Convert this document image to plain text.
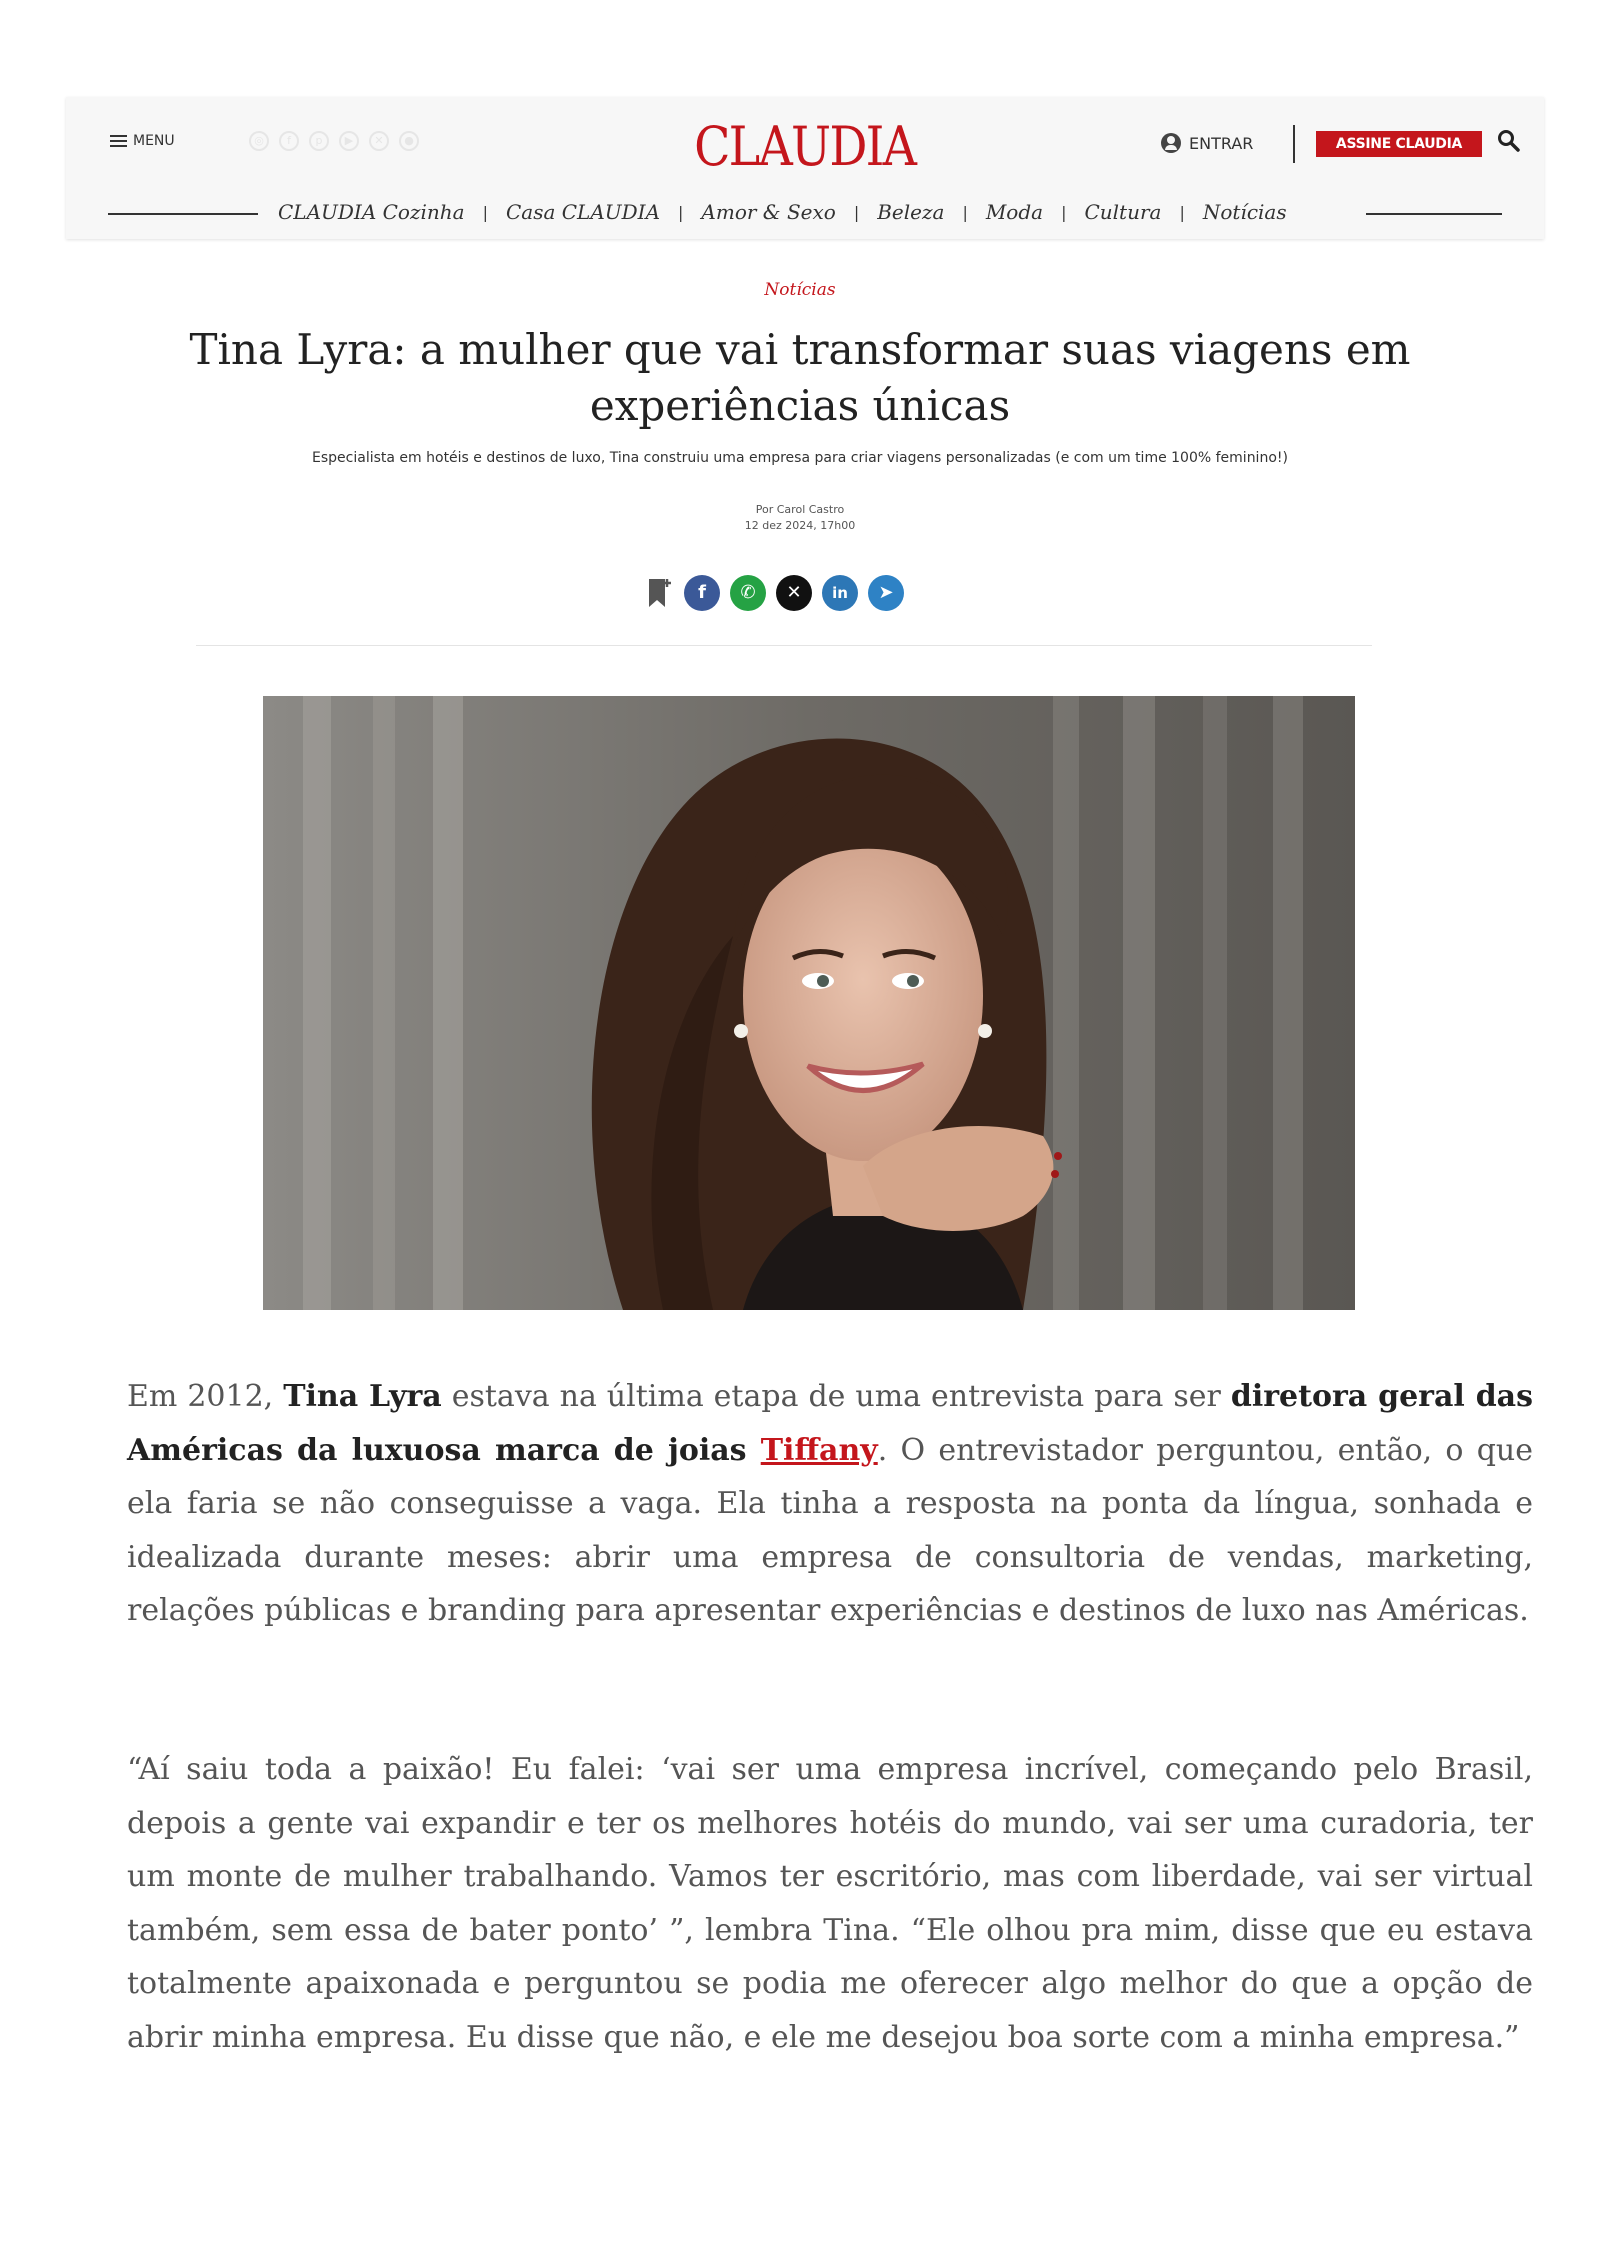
MENU	◎	f	p	▶	✕	●	CLAUDIA	ENTRAR	ASSINE CLAUDIA
CLAUDIA Cozinha | Casa CLAUDIA | Amor & Sexo | Beleza | Moda | Cultura | Notícias
Notícias
Tina Lyra: a mulher que vai transformar suas viagens em experiências únicas
Especialista em hotéis e destinos de luxo, Tina construiu uma empresa para criar viagens personalizadas (e com um time 100% feminino!)
Por Carol Castro
12 dez 2024, 17h00
f	✆	✕	in	➤

Em 2012, Tina Lyra estava na última etapa de uma entrevista para ser diretora geral das Américas da luxuosa marca de joias Tiffany. O entrevistador perguntou, então, o que ela faria se não conseguisse a vaga. Ela tinha a resposta na ponta da língua, sonhada e idealizada durante meses: abrir uma empresa de consultoria de vendas, marketing, relações públicas e branding para apresentar experiências e destinos de luxo nas Américas.

“Aí saiu toda a paixão! Eu falei: ‘vai ser uma empresa incrível, começando pelo Brasil, depois a gente vai expandir e ter os melhores hotéis do mundo, vai ser uma curadoria, ter um monte de mulher trabalhando. Vamos ter escritório, mas com liberdade, vai ser virtual também, sem essa de bater ponto’ ”, lembra Tina. “Ele olhou pra mim, disse que eu estava totalmente apaixonada e perguntou se podia me oferecer algo melhor do que a opção de abrir minha empresa. Eu disse que não, e ele me desejou boa sorte com a minha empresa.”
